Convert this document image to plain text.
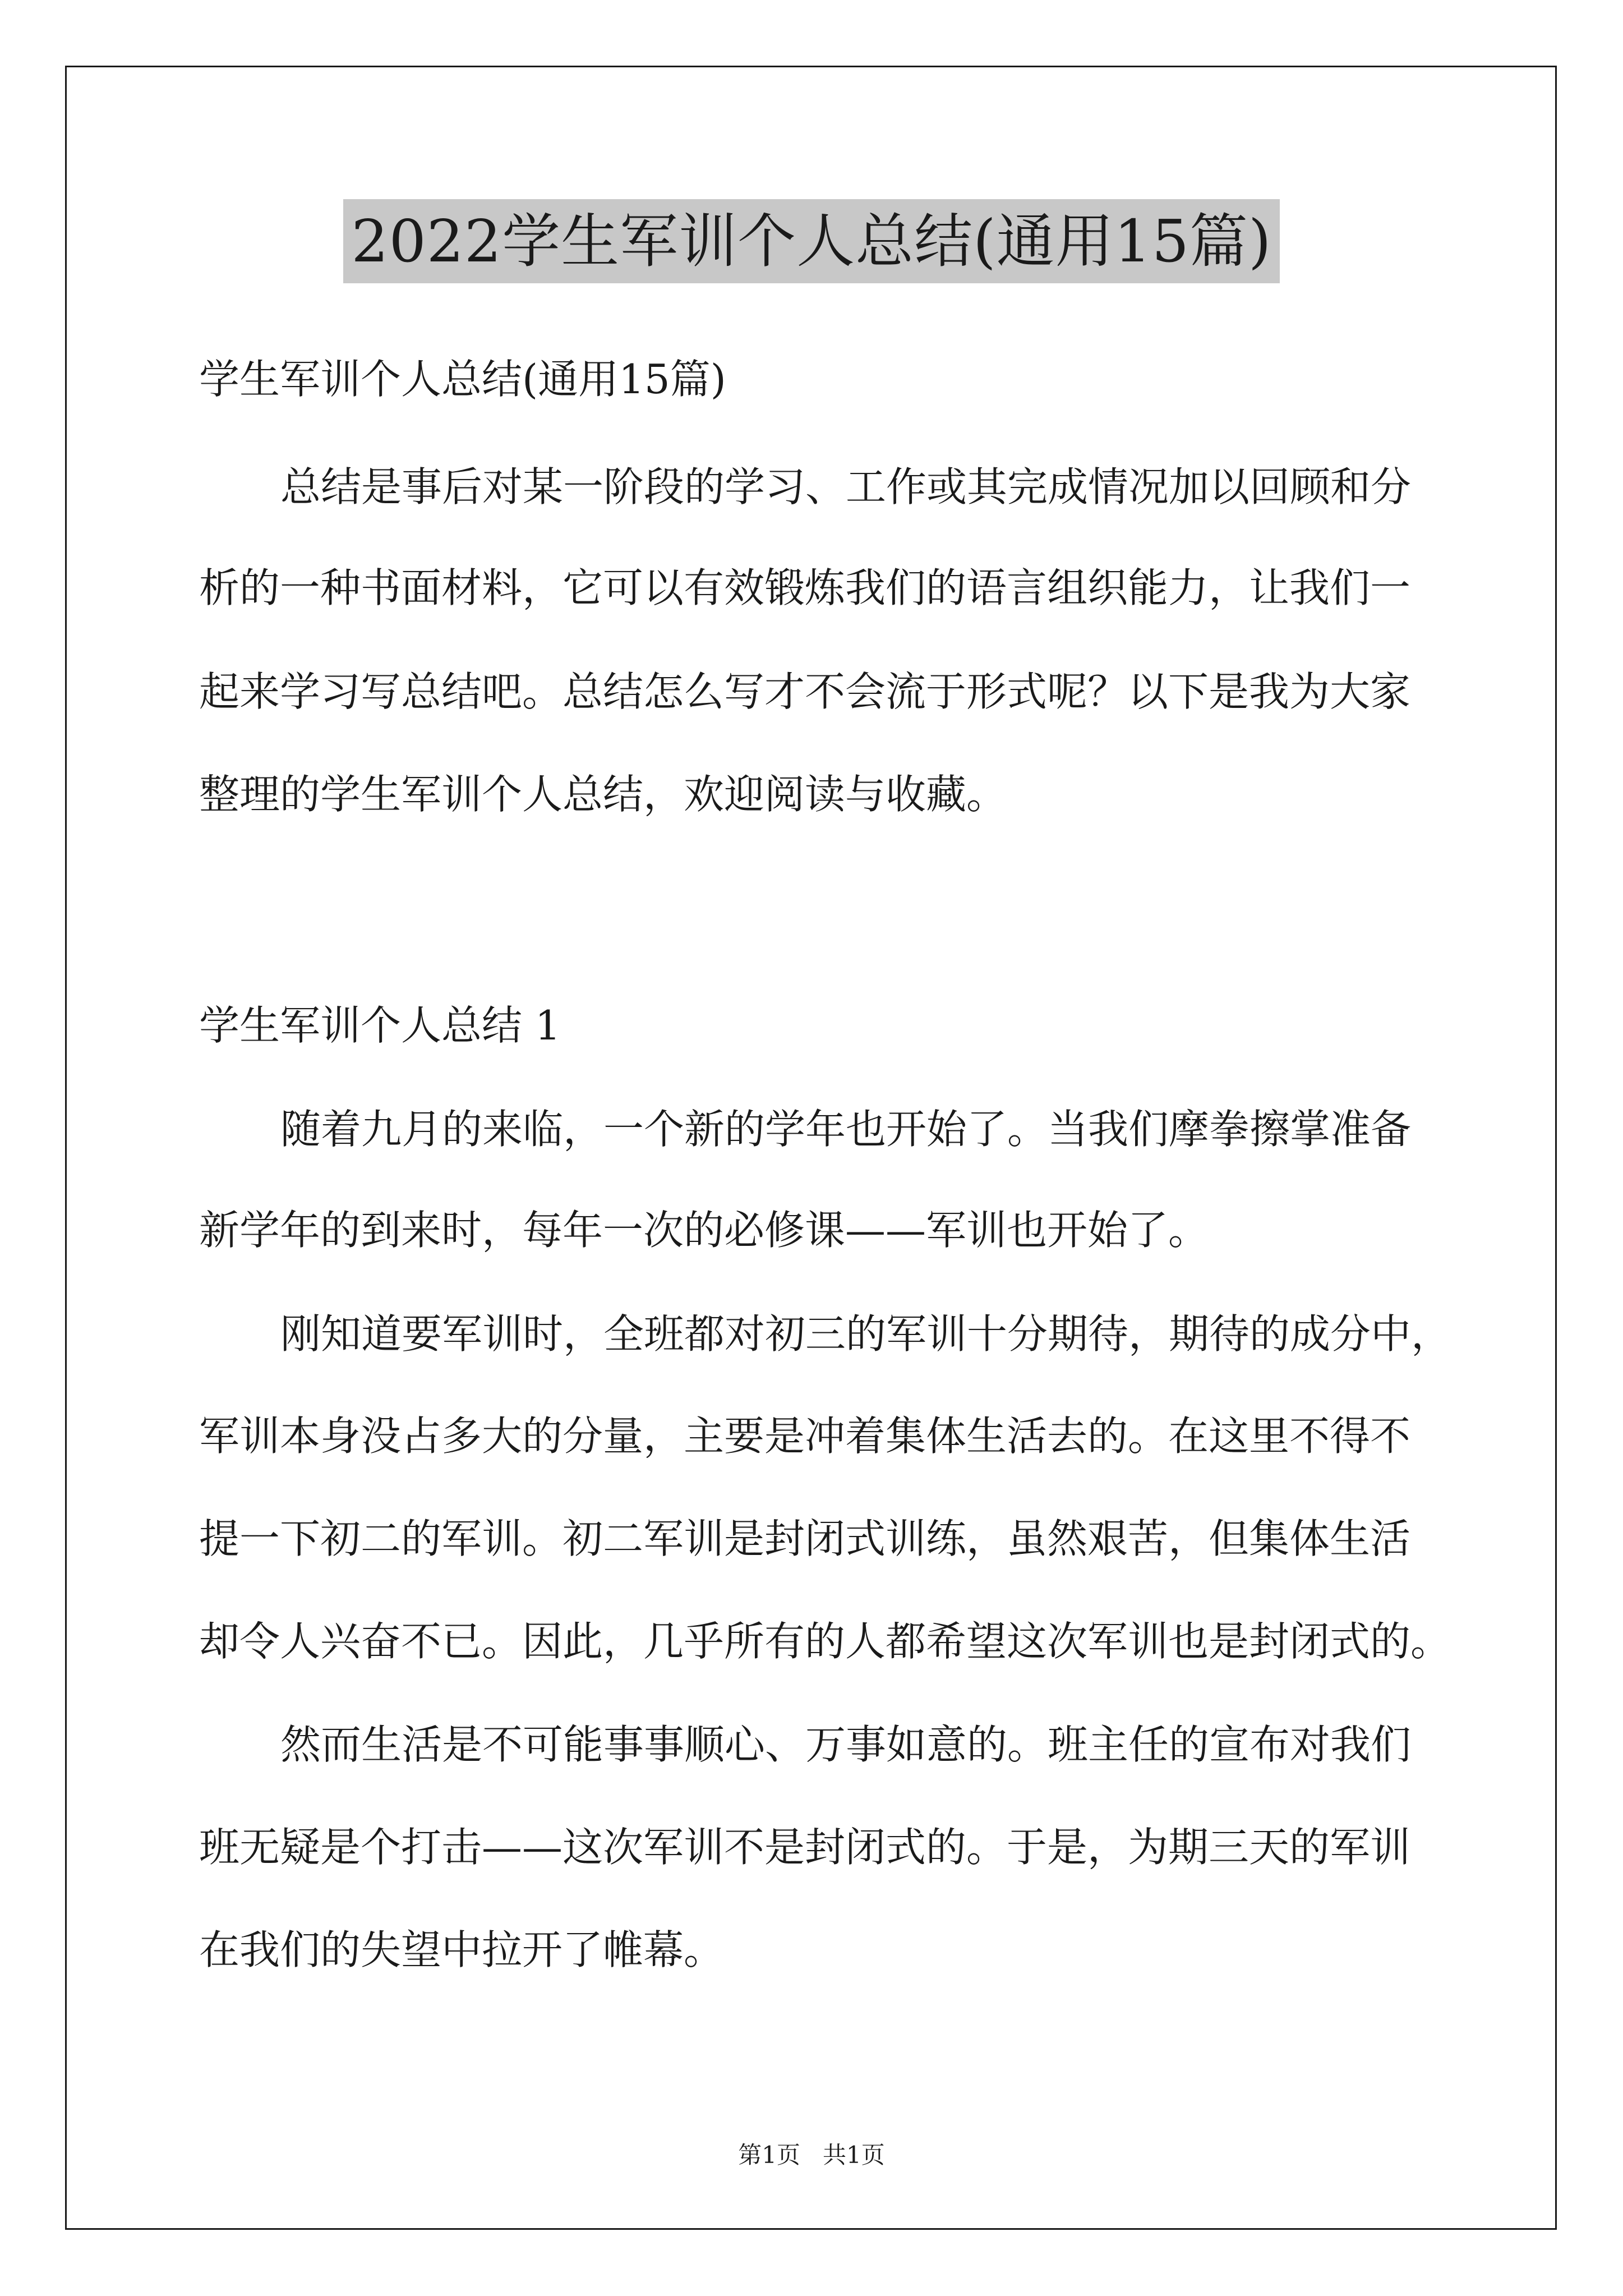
2022学生军训个人总结(通用15篇)
学生军训个人总结(通用15篇)
总结是事后对某一阶段的学习、工作或其完成情况加以回顾和分
析的一种书面材料，它可以有效锻炼我们的语言组织能力，让我们一
起来学习写总结吧。总结怎么写才不会流于形式呢？以下是我为大家
整理的学生军训个人总结，欢迎阅读与收藏。
学生军训个人总结 1
随着九月的来临，一个新的学年也开始了。当我们摩拳擦掌准备
新学年的到来时，每年一次的必修课——军训也开始了。
刚知道要军训时，全班都对初三的军训十分期待，期待的成分中，
军训本身没占多大的分量，主要是冲着集体生活去的。在这里不得不
提一下初二的军训。初二军训是封闭式训练，虽然艰苦，但集体生活
却令人兴奋不已。因此，几乎所有的人都希望这次军训也是封闭式的。
然而生活是不可能事事顺心、万事如意的。班主任的宣布对我们
班无疑是个打击——这次军训不是封闭式的。于是，为期三天的军训
在我们的失望中拉开了帷幕。
第1页   共1页
